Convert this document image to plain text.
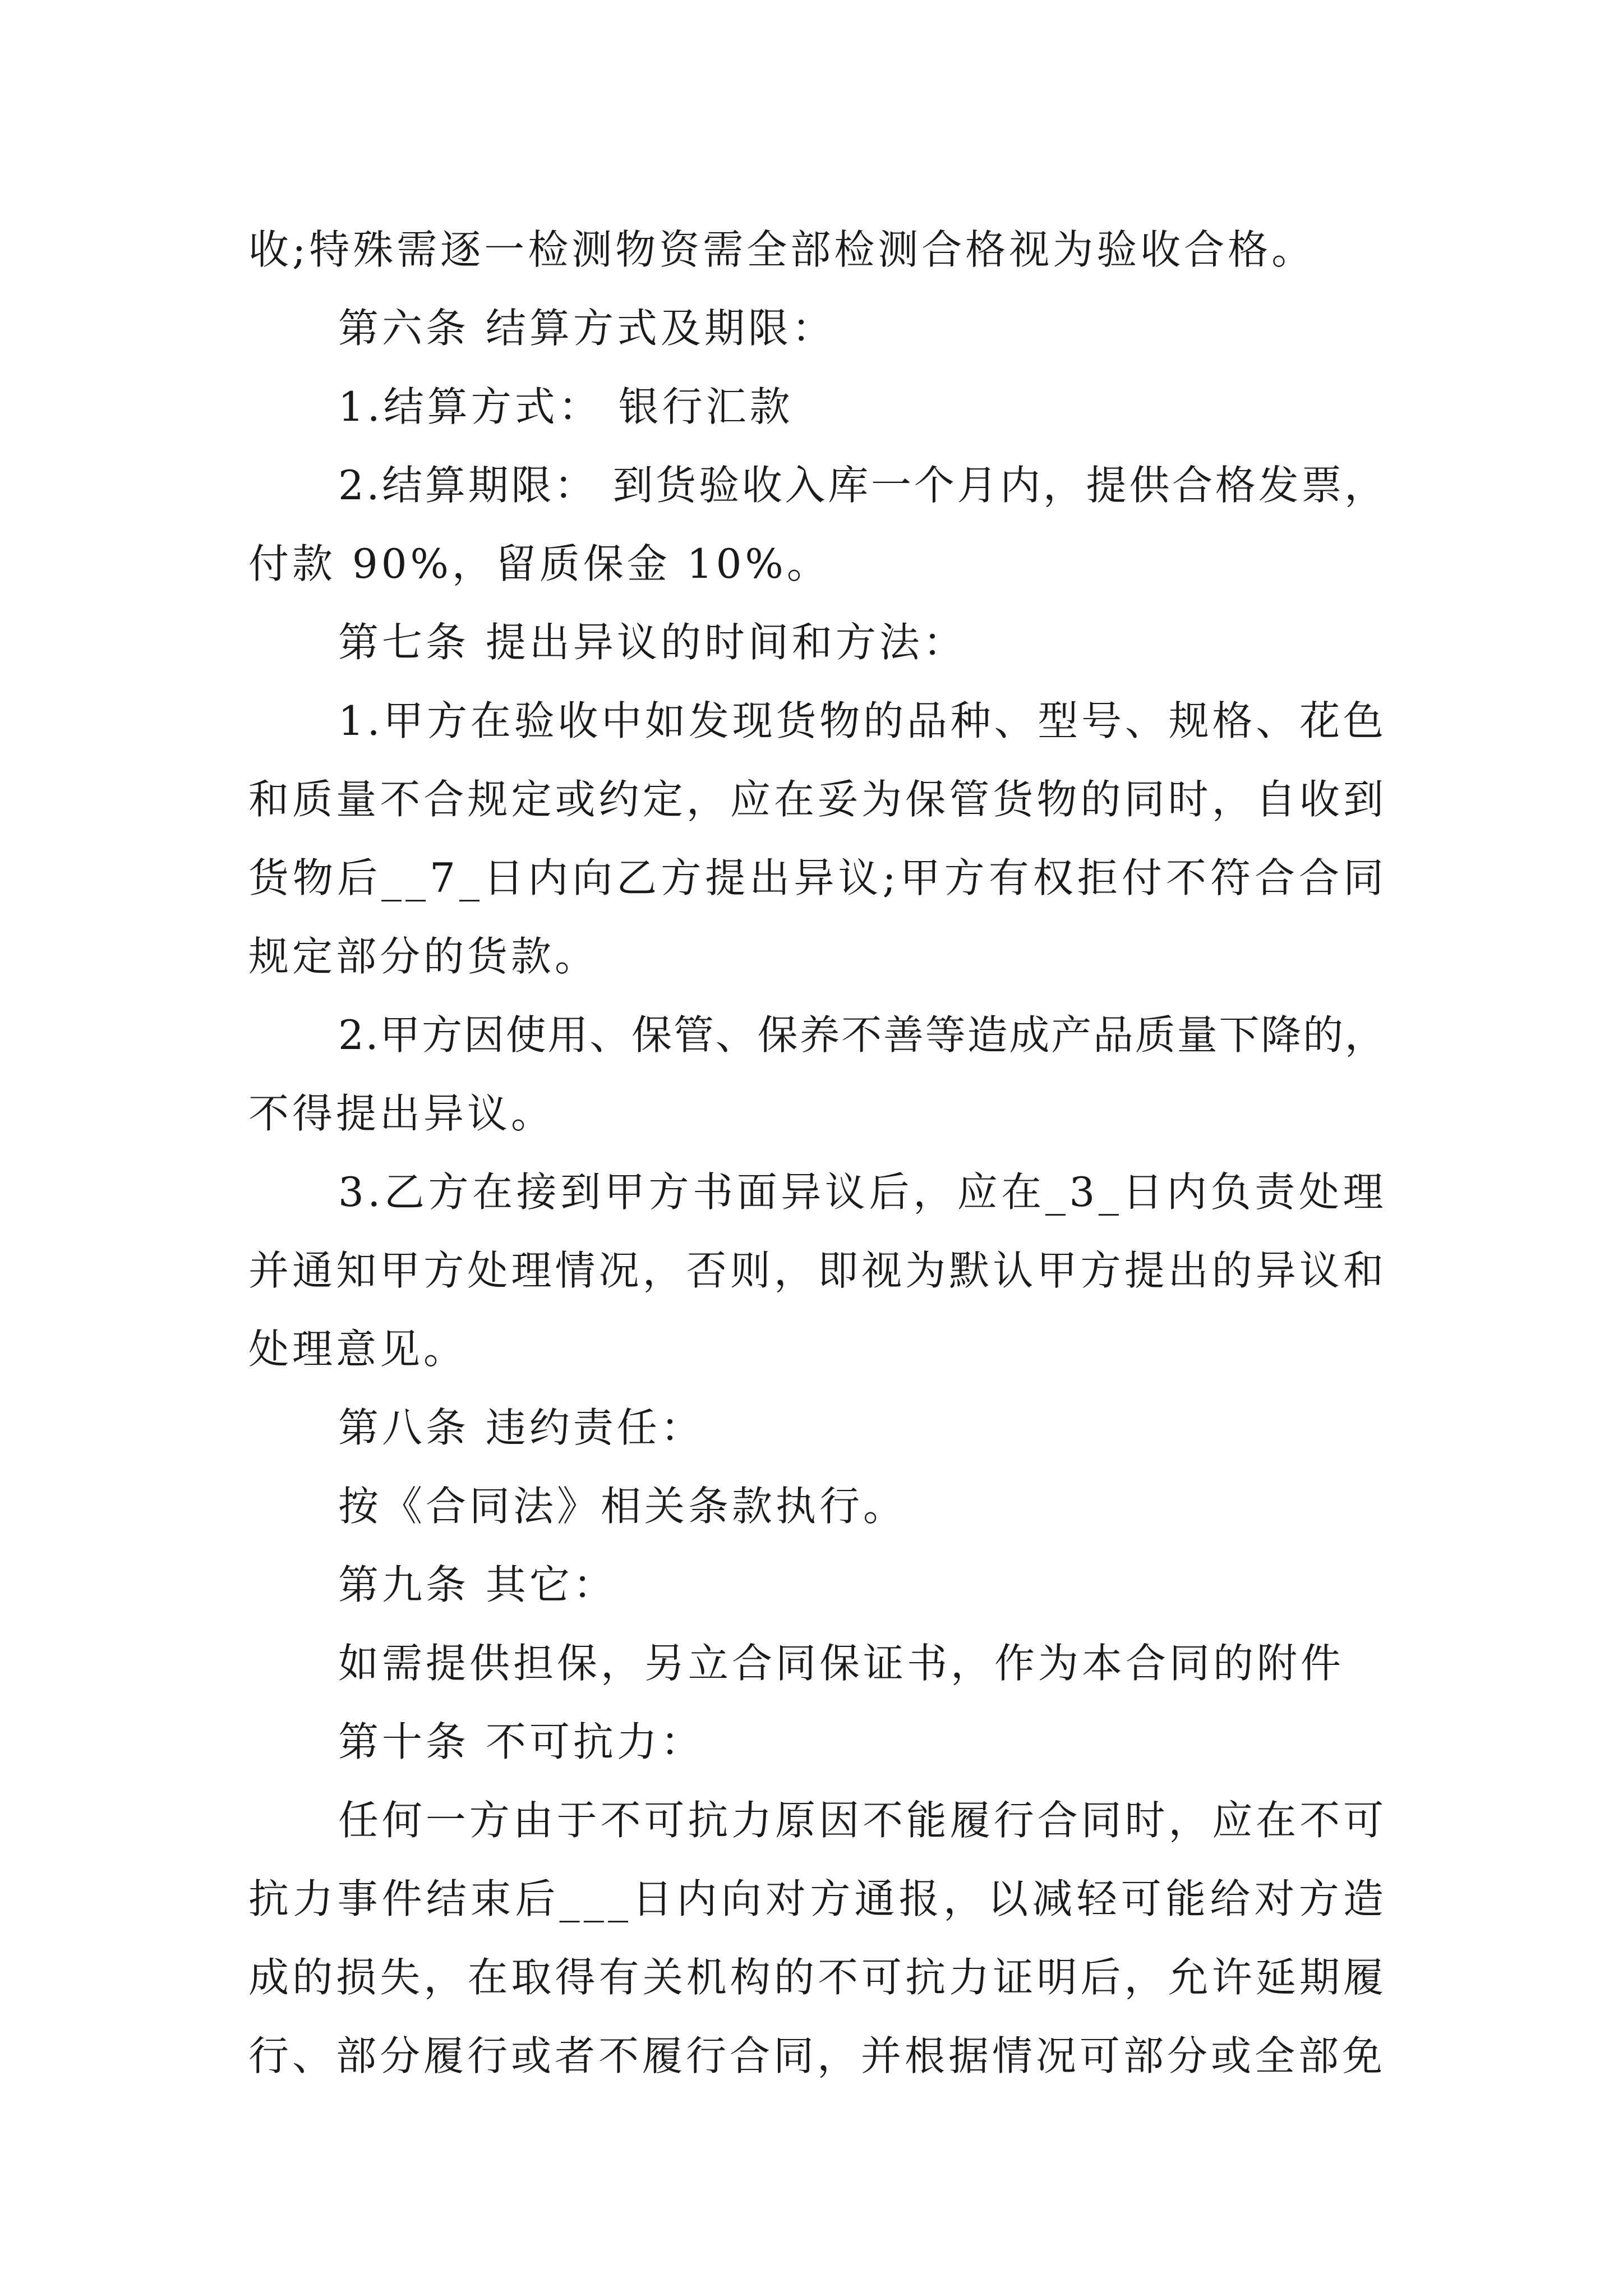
收;特殊需逐一检测物资需全部检测合格视为验收合格。
第六条 结算方式及期限：
1.结算方式： 银行汇款
2.结算期限： 到货验收入库一个月内，提供合格发票，
付款 90%，留质保金 10%。
第七条 提出异议的时间和方法：
1.甲方在验收中如发现货物的品种、型号、规格、花色
和质量不合规定或约定，应在妥为保管货物的同时，自收到
货物后__7_日内向乙方提出异议;甲方有权拒付不符合合同
规定部分的货款。
2.甲方因使用、保管、保养不善等造成产品质量下降的，
不得提出异议。
3.乙方在接到甲方书面异议后，应在_3_日内负责处理
并通知甲方处理情况，否则，即视为默认甲方提出的异议和
处理意见。
第八条 违约责任：
按《合同法》相关条款执行。
第九条 其它：
如需提供担保，另立合同保证书，作为本合同的附件
第十条 不可抗力：
任何一方由于不可抗力原因不能履行合同时，应在不可
抗力事件结束后___日内向对方通报，以减轻可能给对方造
成的损失，在取得有关机构的不可抗力证明后，允许延期履
行、部分履行或者不履行合同，并根据情况可部分或全部免
